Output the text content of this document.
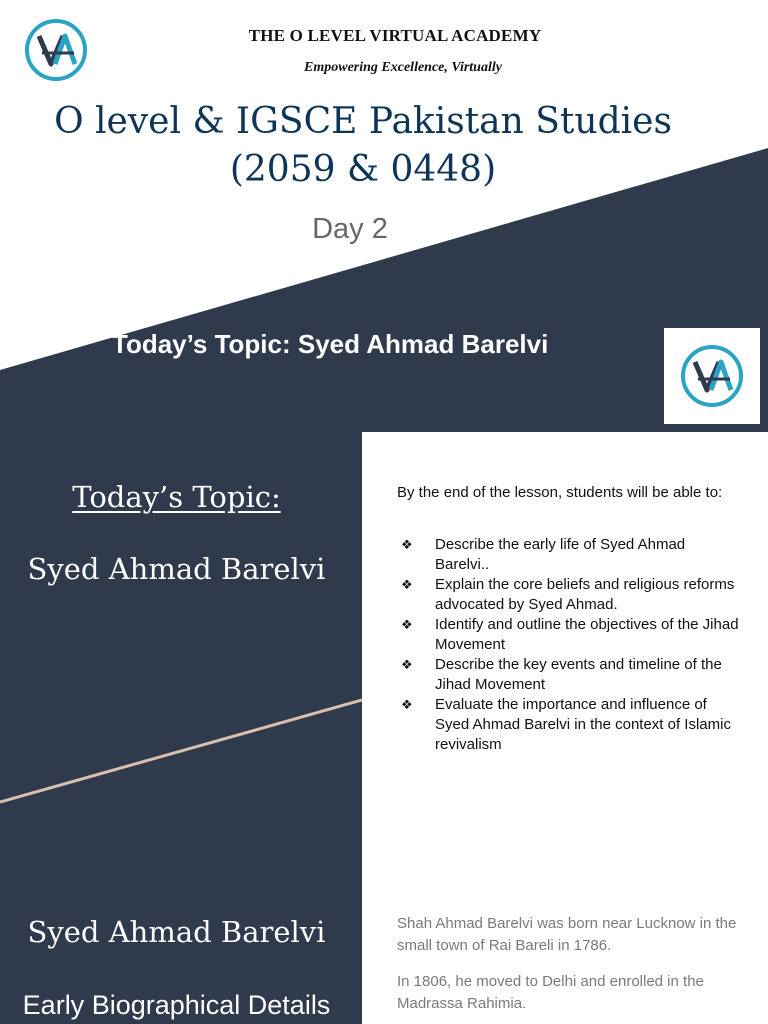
THE O LEVEL VIRTUAL ACADEMY
Empowering Excellence, Virtually
O level & IGSCE Pakistan Studies
(2059 & 0448)
Day 2
Today’s Topic: Syed Ahmad Barelvi
Today’s Topic:
Syed Ahmad Barelvi
By the end of the lesson, students will be able to:
❖ Describe the early life of Syed Ahmad Barelvi..
❖ Explain the core beliefs and religious reforms advocated by Syed Ahmad.
❖ Identify and outline the objectives of the Jihad Movement
❖ Describe the key events and timeline of the Jihad Movement
❖ Evaluate the importance and influence of Syed Ahmad Barelvi in the context of Islamic revivalism
Syed Ahmad Barelvi
Early Biographical Details

Shah Ahmad Barelvi was born near Lucknow in the small town of Rai Bareli in 1786.

In 1806, he moved to Delhi and enrolled in the Madrassa Rahimia.
